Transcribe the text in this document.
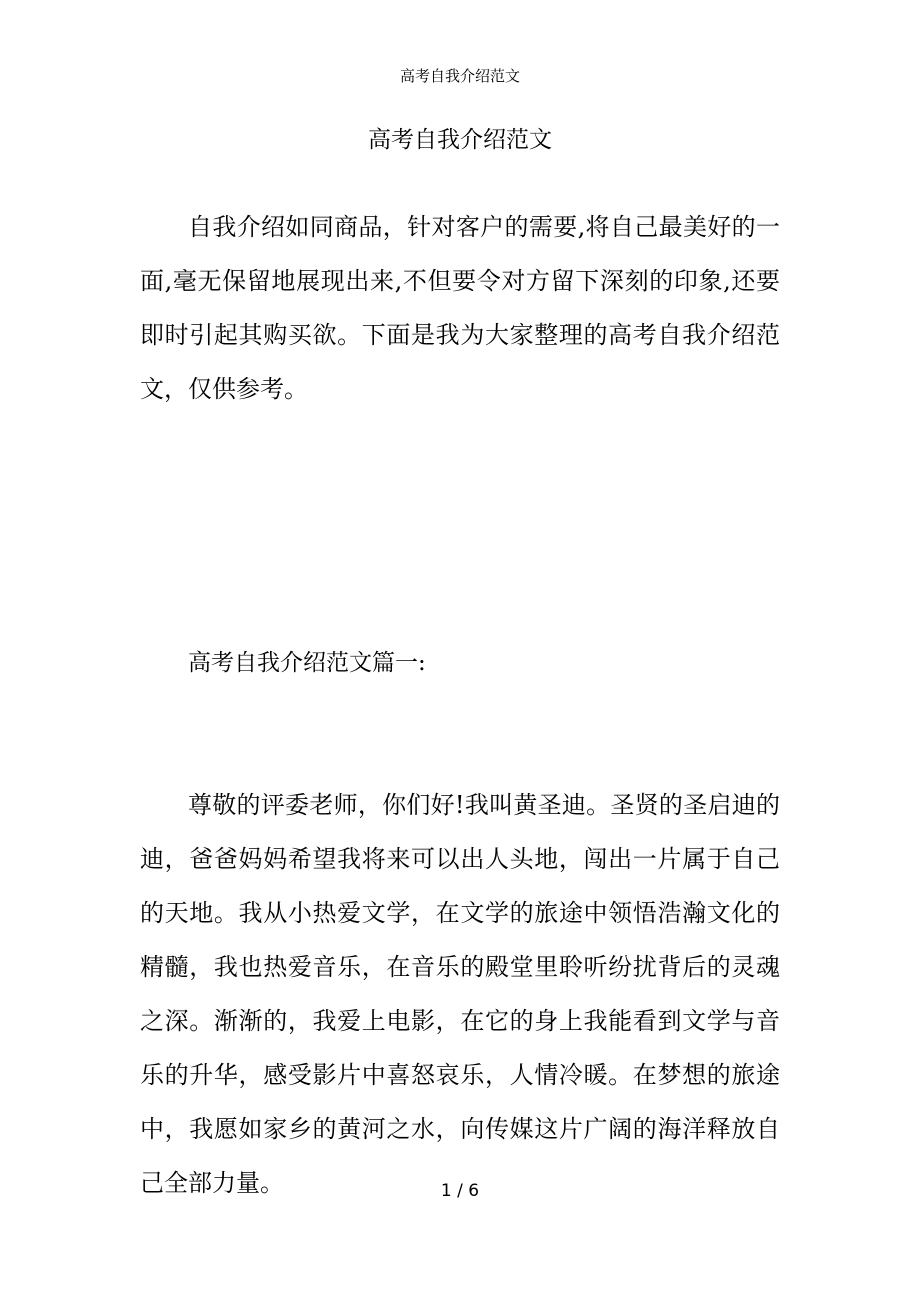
高考自我介绍范文
高考自我介绍范文

自我介绍如同商品，针对客户的需要,将自己最美好的一面,毫无保留地展现出来,不但要令对方留下深刻的印象,还要即时引起其购买欲。下面是我为大家整理的高考自我介绍范文，仅供参考。

高考自我介绍范文篇一:

尊敬的评委老师，你们好!我叫黄圣迪。圣贤的圣启迪的迪，爸爸妈妈希望我将来可以出人头地，闯出一片属于自己的天地。我从小热爱文学，在文学的旅途中领悟浩瀚文化的精髓，我也热爱音乐，在音乐的殿堂里聆听纷扰背后的灵魂之深。渐渐的，我爱上电影，在它的身上我能看到文学与音乐的升华，感受影片中喜怒哀乐，人情冷暖。在梦想的旅途中，我愿如家乡的黄河之水，向传媒这片广阔的海洋释放自己全部力量。	1 / 6
